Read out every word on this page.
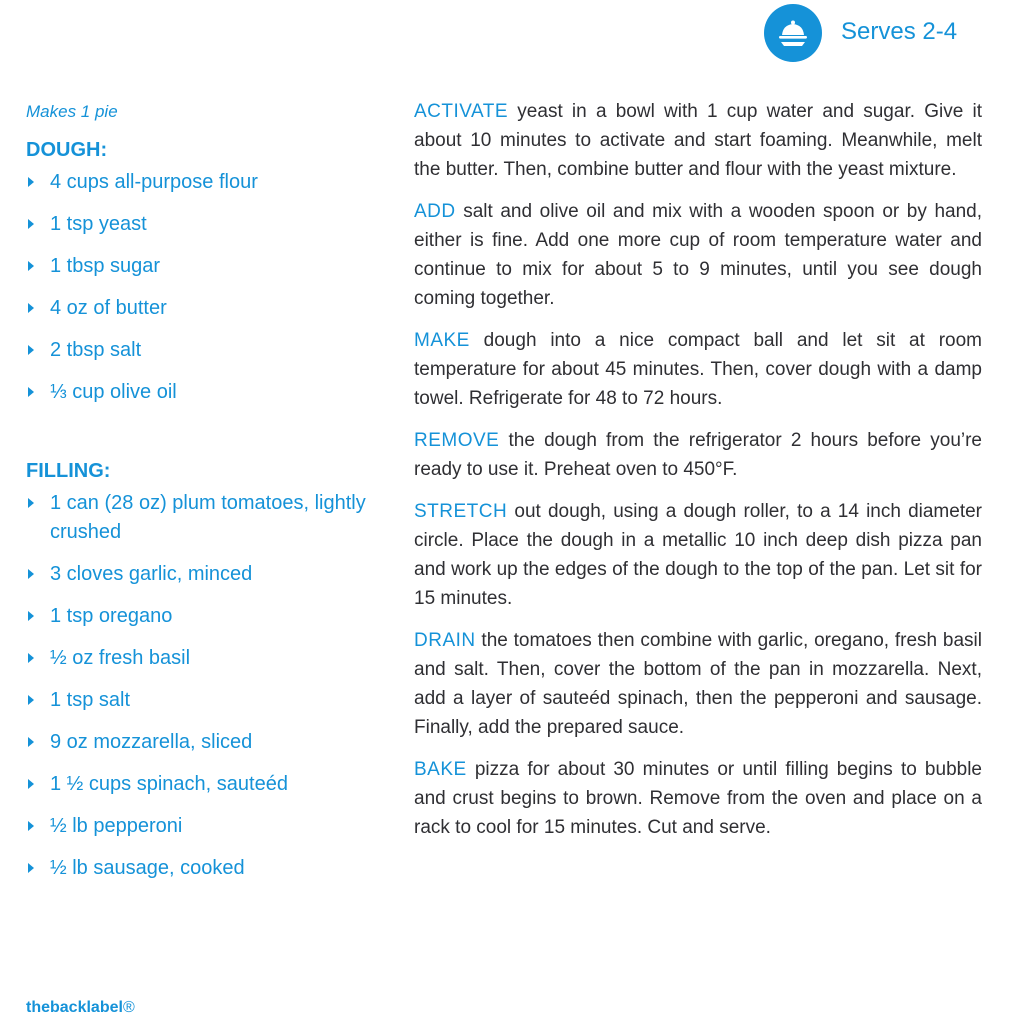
Serves 2-4
Makes 1 pie
DOUGH:
4 cups all-purpose flour
1 tsp yeast
1 tbsp sugar
4 oz of butter
2 tbsp salt
⅓ cup olive oil
FILLING:
1 can (28 oz) plum tomatoes, lightly crushed
3 cloves garlic, minced
1 tsp oregano
½ oz fresh basil
1 tsp salt
9 oz mozzarella, sliced
1 ½ cups spinach, sauteéd
½ lb pepperoni
½ lb sausage, cooked

ACTIVATE yeast in a bowl with 1 cup water and sugar. Give it about 10 minutes to activate and start foaming. Meanwhile, melt the butter. Then, combine butter and flour with the yeast mixture.

ADD salt and olive oil and mix with a wooden spoon or by hand, either is fine. Add one more cup of room temperature water and continue to mix for about 5 to 9 minutes, until you see dough coming together.

MAKE dough into a nice compact ball and let sit at room temperature for about 45 minutes. Then, cover dough with a damp towel. Refrigerate for 48 to 72 hours.

REMOVE the dough from the refrigerator 2 hours before you’re ready to use it. Preheat oven to 450°F.

STRETCH out dough, using a dough roller, to a 14 inch diameter circle. Place the dough in a metallic 10 inch deep dish pizza pan and work up the edges of the dough to the top of the pan. Let sit for 15 minutes.

DRAIN the tomatoes then combine with garlic, oregano, fresh basil and salt. Then, cover the bottom of the pan in mozzarella. Next, add a layer of sauteéd spinach, then the pepperoni and sausage. Finally, add the prepared sauce.

BAKE pizza for about 30 minutes or until filling begins to bubble and crust begins to brown. Remove from the oven and place on a rack to cool for 15 minutes. Cut and serve.

thebacklabel®
